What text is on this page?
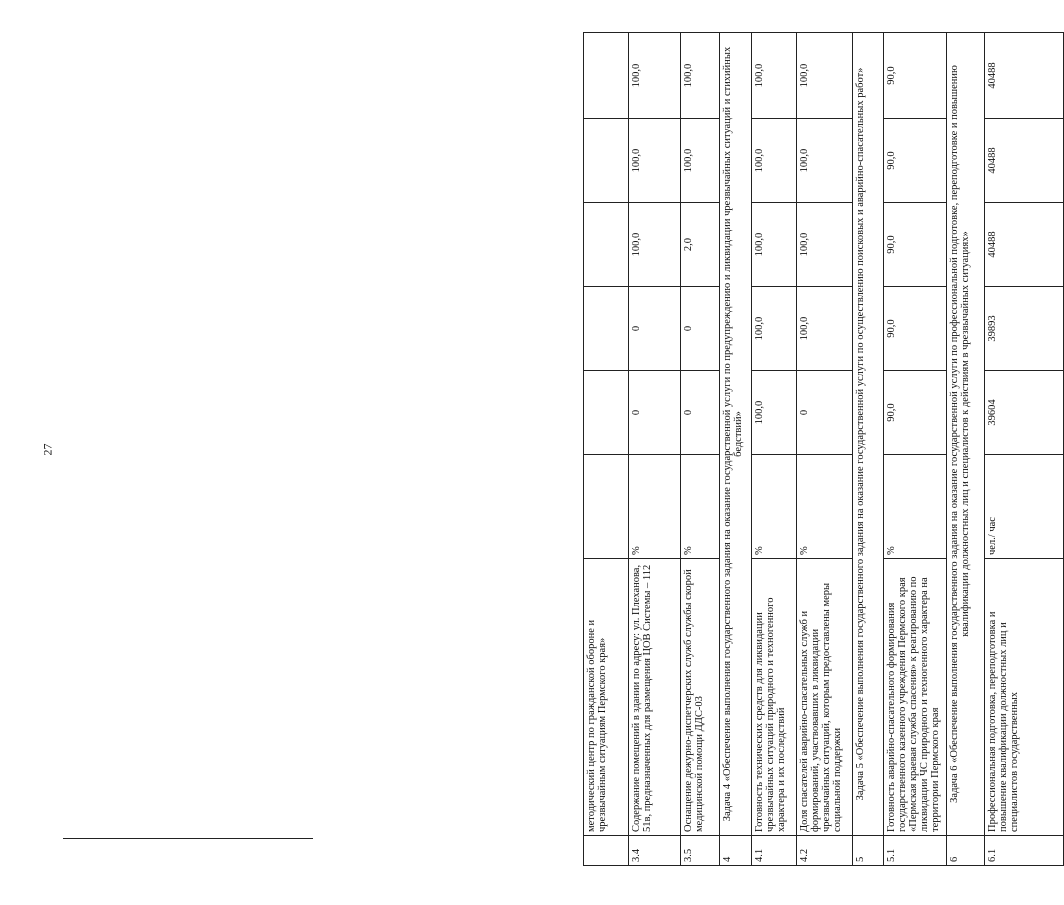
27
	методический центр по гражданской обороне и чрезвычайным ситуациям Пермского края»						
3.4	Содержание помещений в здании по адресу: ул. Плеханова, 51в, предназначенных для размещения ЦОВ Системы – 112	%	0	0	100,0	100,0	100,0
3.5	Оснащение дежурно-диспетчерских служб службы скорой медицинской помощи ДДС-03	%	0	0	2,0	100,0	100,0
4	Задача 4 «Обеспечение выполнения государственного задания на оказание государственной услуги по предупреждению и ликвидации чрезвычайных ситуаций и стихийных бедствий»						
4.1	Готовность технических средств для ликвидации чрезвычайных ситуаций природного и техногенного характера и их последствий	%	100,0	100,0	100,0	100,0	100,0
4.2	Доля спасателей аварийно-спасательных служб и формирований, участвовавших в ликвидации чрезвычайных ситуаций, которым предоставлены меры социальной поддержки	%	0	100,0	100,0	100,0	100,0
5	Задача 5 «Обеспечение выполнения государственного задания на оказание государственной услуги по осуществлению поисковых и аварийно-спасательных работ»						
5.1	Готовность аварийно-спасательного формирования государственного казенного учреждения Пермского края «Пермская краевая служба спасения» к реагированию по ликвидации ЧС природного и техногенного характера на территории Пермского края	%	90,0	90,0	90,0	90,0	90,0
6	Задача 6 «Обеспечение выполнения государственного задания на оказание государственной услуги по профессиональной подготовке, переподготовке и повышению квалификации должностных лиц и специалистов к действиям в чрезвычайных ситуациях»						
6.1	Профессиональная подготовка, переподготовка и повышение квалификации должностных лиц и специалистов государственных	чел./ час	39604	39893	40488	40488	40488
